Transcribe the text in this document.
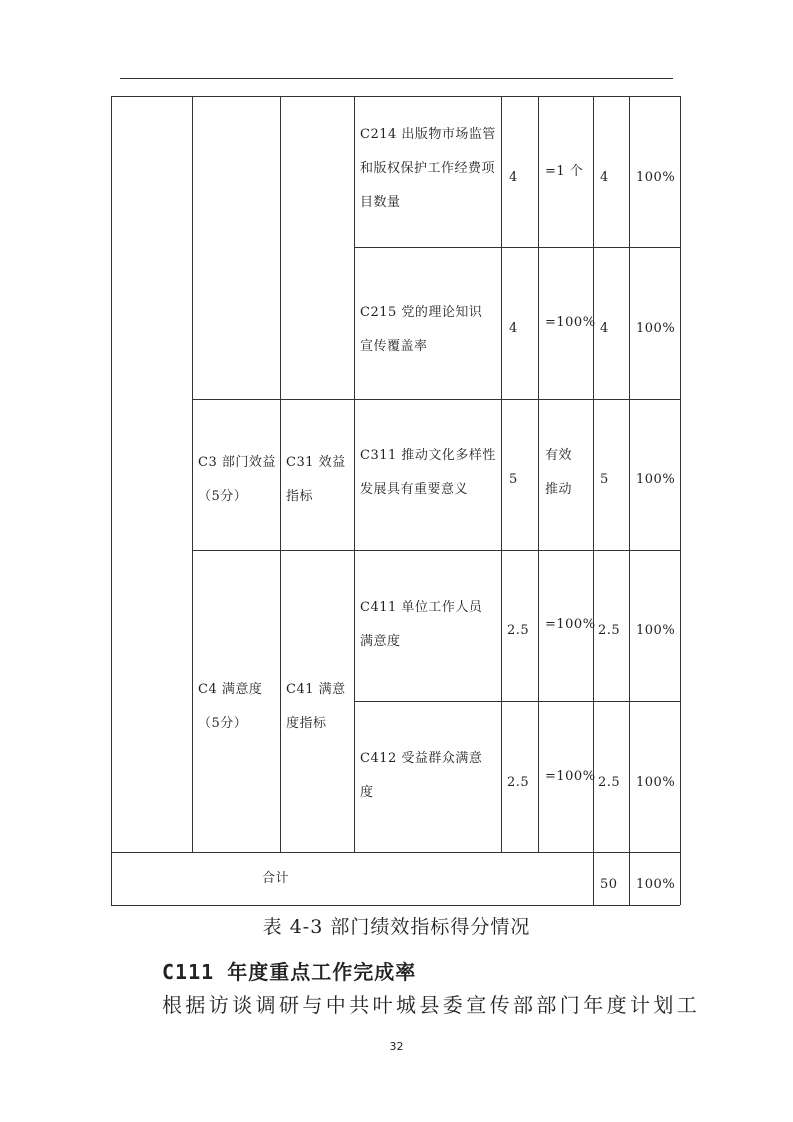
C214 出版物市场监管和版权保护工作经费项目数量
4 =1 个 4 100%
C215 党的理论知识宣传覆盖率
4 =100% 4 100%
C3 部门效益（5分）
C31 效益指标
C311 推动文化多样性发展具有重要意义
5
有效推动
5 100%
C4 满意度（5分）
C41 满意度指标
C411 单位工作人员满意度
2.5 =100% 2.5 100%
C412 受益群众满意度
2.5 =100% 2.5 100%
合计	50 100%
表 4-3 部门绩效指标得分情况
C111 年度重点工作完成率
根据访谈调研与中共叶城县委宣传部部门年度计划工
32
